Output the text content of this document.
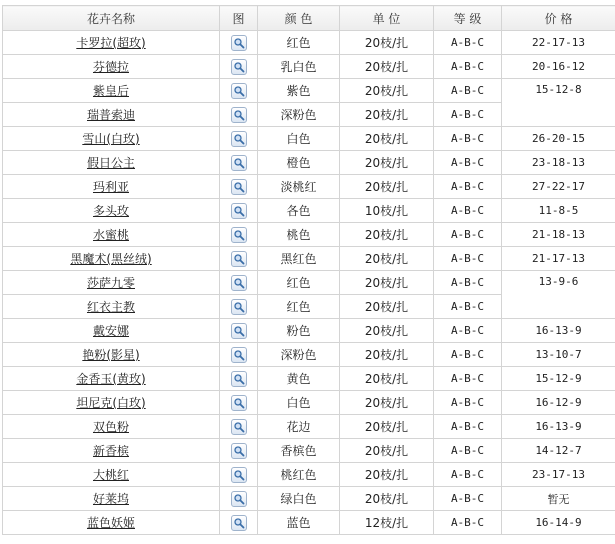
花卉名称	图	颜 色	单 位	等 级	价 格
卡罗拉(超玫)		红色	20枝/扎	A-B-C	22-17-13
芬德拉		乳白色	20枝/扎	A-B-C	20-16-12
紫皇后		紫色	20枝/扎	A-B-C	15-12-8
瑞普索迪		深粉色	20枝/扎	A-B-C	
雪山(白玫)		白色	20枝/扎	A-B-C	26-20-15
假日公主		橙色	20枝/扎	A-B-C	23-18-13
玛利亚		淡桃红	20枝/扎	A-B-C	27-22-17
多头玫		各色	10枝/扎	A-B-C	11-8-5
水蜜桃		桃色	20枝/扎	A-B-C	21-18-13
黑魔术(黑丝绒)		黑红色	20枝/扎	A-B-C	21-17-13
莎萨九零		红色	20枝/扎	A-B-C	13-9-6
红衣主教		红色	20枝/扎	A-B-C	
戴安娜		粉色	20枝/扎	A-B-C	16-13-9
艳粉(影星)		深粉色	20枝/扎	A-B-C	13-10-7
金香玉(黄玫)		黄色	20枝/扎	A-B-C	15-12-9
坦尼克(白玫)		白色	20枝/扎	A-B-C	16-12-9
双色粉		花边	20枝/扎	A-B-C	16-13-9
新香槟		香槟色	20枝/扎	A-B-C	14-12-7
大桃红		桃红色	20枝/扎	A-B-C	23-17-13
好莱坞		绿白色	20枝/扎	A-B-C	暂无
蓝色妖姬		蓝色	12枝/扎	A-B-C	16-14-9
